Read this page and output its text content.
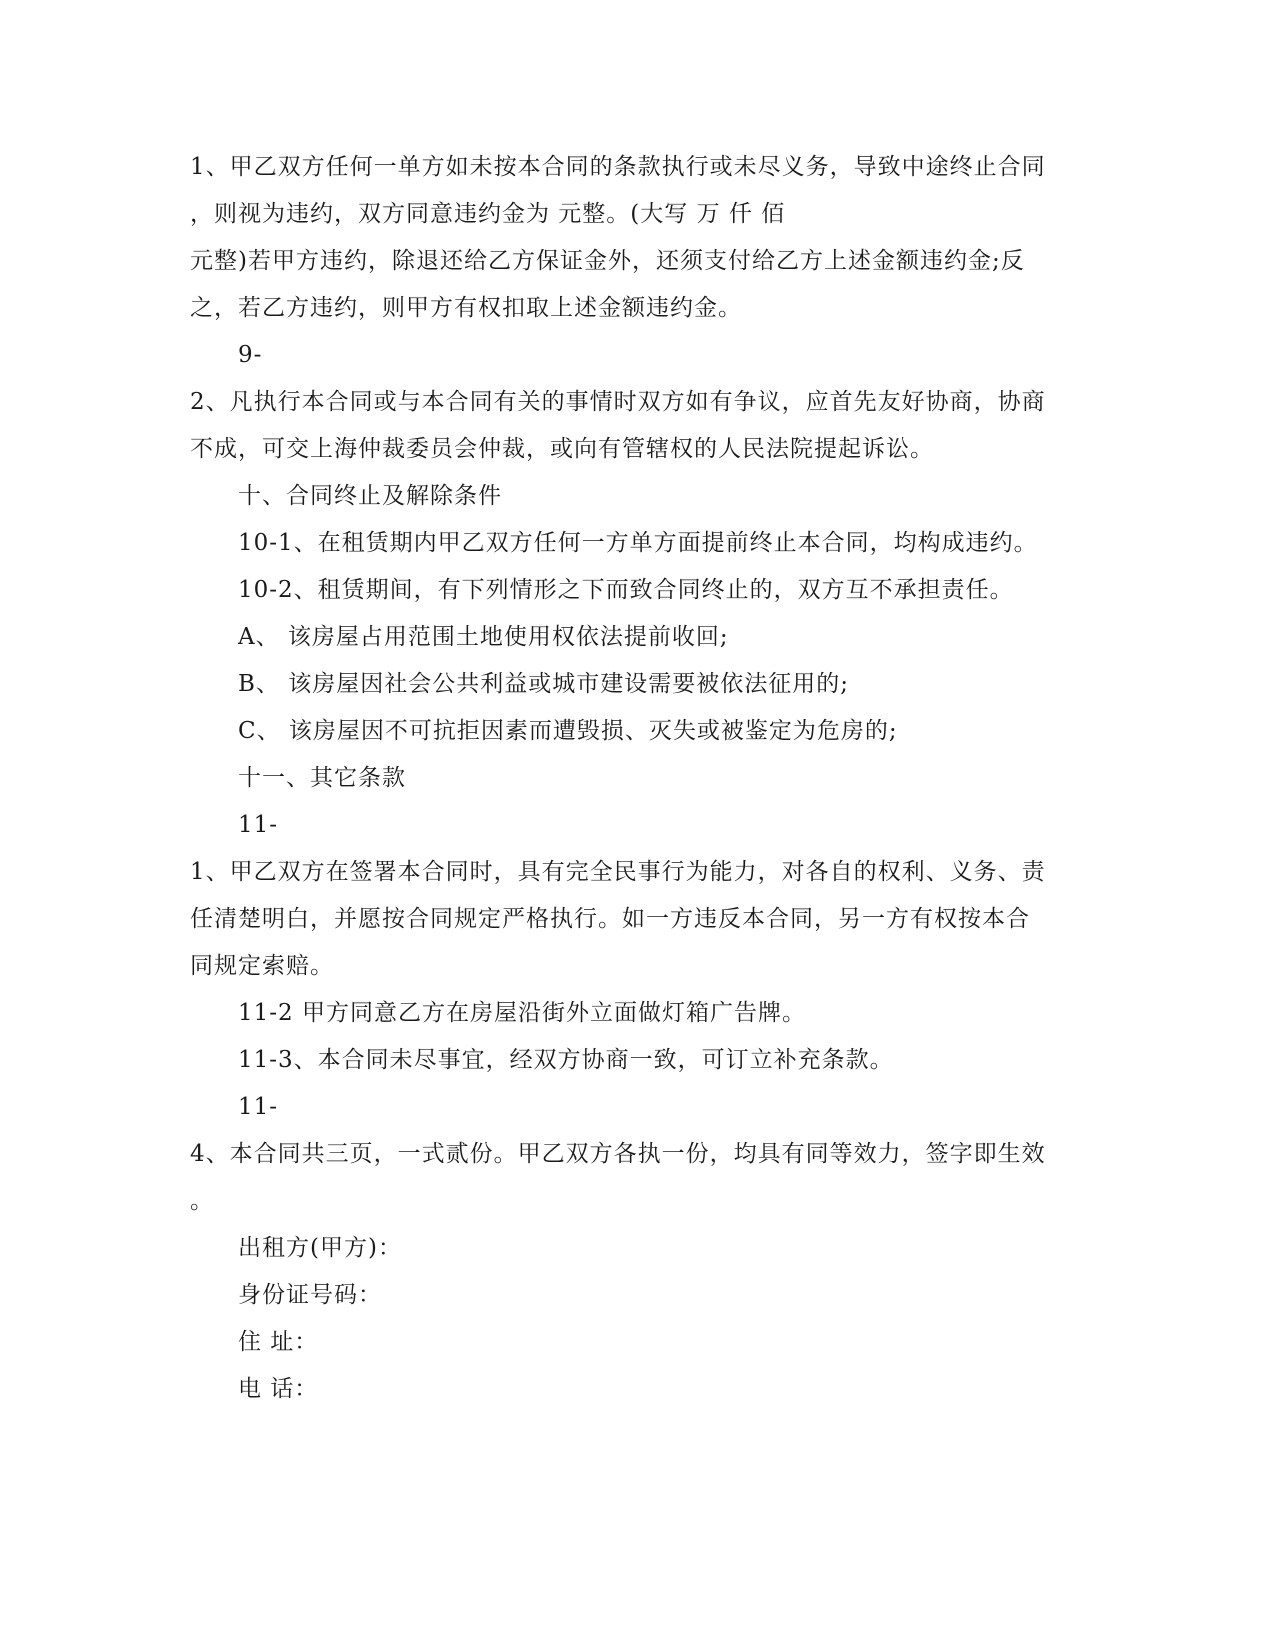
1、甲乙双方任何一单方如未按本合同的条款执行或未尽义务，导致中途终止合同
，则视为违约，双方同意违约金为 元整。(大写 万 仟 佰
元整)若甲方违约，除退还给乙方保证金外，还须支付给乙方上述金额违约金;反
之，若乙方违约，则甲方有权扣取上述金额违约金。
9-
2、凡执行本合同或与本合同有关的事情时双方如有争议，应首先友好协商，协商
不成，可交上海仲裁委员会仲裁，或向有管辖权的人民法院提起诉讼。
十、合同终止及解除条件
10-1、在租赁期内甲乙双方任何一方单方面提前终止本合同，均构成违约。
10-2、租赁期间，有下列情形之下而致合同终止的，双方互不承担责任。
A、 该房屋占用范围土地使用权依法提前收回;
B、 该房屋因社会公共利益或城市建设需要被依法征用的;
C、 该房屋因不可抗拒因素而遭毁损、灭失或被鉴定为危房的;
十一、其它条款
11-
1、甲乙双方在签署本合同时，具有完全民事行为能力，对各自的权利、义务、责
任清楚明白，并愿按合同规定严格执行。如一方违反本合同，另一方有权按本合
同规定索赔。
11-2 甲方同意乙方在房屋沿街外立面做灯箱广告牌。
11-3、本合同未尽事宜，经双方协商一致，可订立补充条款。
11-
4、本合同共三页，一式贰份。甲乙双方各执一份，均具有同等效力，签字即生效
。
出租方(甲方)：
身份证号码：
住 址：
电 话：
